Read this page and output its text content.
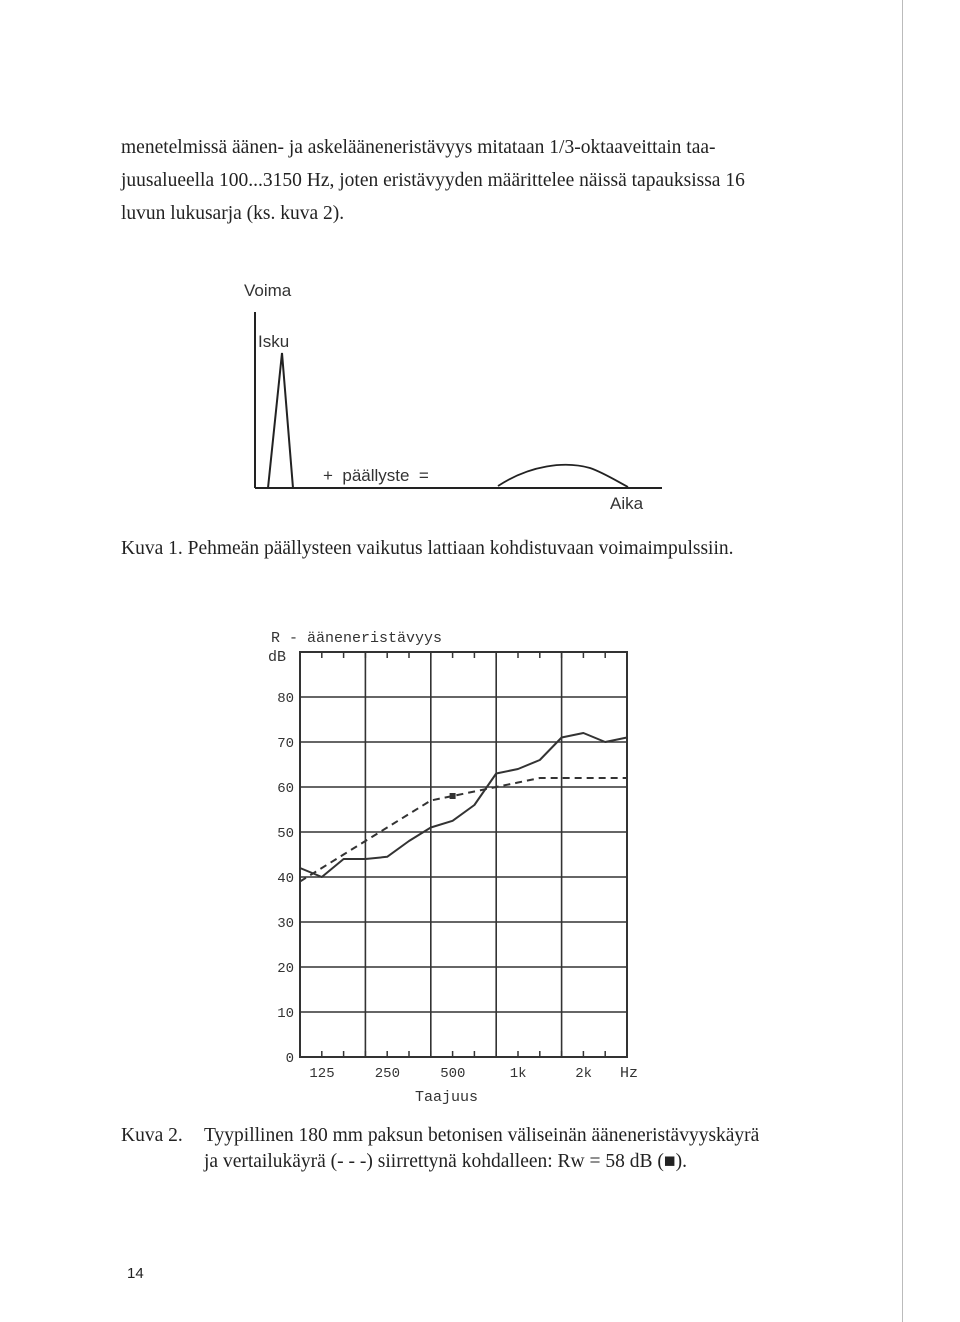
menetelmissä äänen- ja askelääneneristävyys mitataan 1/3-oktaaveittain taa-
juusalueella 100...3150 Hz, joten eristävyyden määrittelee näissä tapauksissa 16
luvun lukusarja (ks. kuva 2).

Voima
Isku
+  päällyste  =
Aika
Kuva 1. Pehmeän päällysteen vaikutus lattiaan kohdistuvaan voimaimpulssiin.
R - ääneneristävyys
dB
0
10
20
30
40
50
60
70
80
125	250	500	1k	2k Hz
Taajuus
Kuva 2. Tyypillinen 180 mm paksun betonisen väliseinän ääneneristävyyskäyrä
ja vertailukäyrä (- - -) siirrettynä kohdalleen: Rw = 58 dB (■).
14
